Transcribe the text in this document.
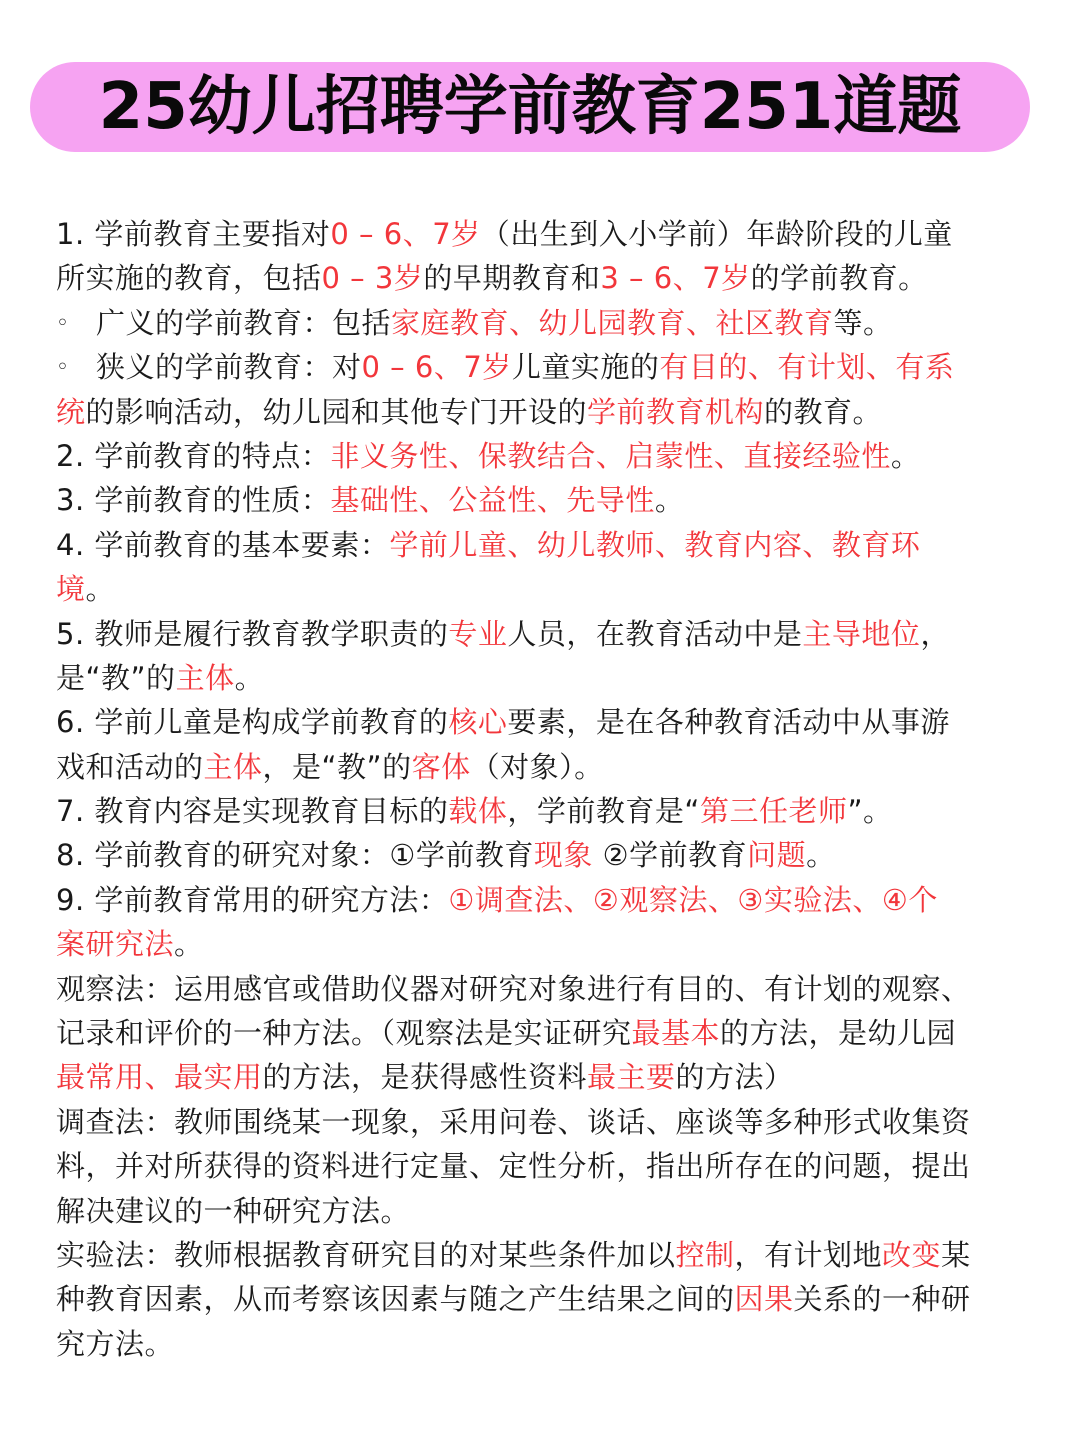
25幼儿招聘学前教育251道题
1. 学前教育主要指对0 – 6、7岁（出生到入小学前）年龄阶段的儿童
所实施的教育，包括0 – 3岁的早期教育和3 – 6、7岁的学前教育。
◦ 广义的学前教育：包括家庭教育、幼儿园教育、社区教育等。
◦ 狭义的学前教育：对0 – 6、7岁儿童实施的有目的、有计划、有系
统的影响活动，幼儿园和其他专门开设的学前教育机构的教育。
2. 学前教育的特点：非义务性、保教结合、启蒙性、直接经验性。
3. 学前教育的性质：基础性、公益性、先导性。
4. 学前教育的基本要素：学前儿童、幼儿教师、教育内容、教育环
境。
5. 教师是履行教育教学职责的专业人员，在教育活动中是主导地位，
是“教”的主体。
6. 学前儿童是构成学前教育的核心要素，是在各种教育活动中从事游
戏和活动的主体，是“教”的客体（对象）。
7. 教育内容是实现教育目标的载体，学前教育是“第三任老师”。
8. 学前教育的研究对象：①学前教育现象 ②学前教育问题。
9. 学前教育常用的研究方法：①调查法、②观察法、③实验法、④个
案研究法。
观察法：运用感官或借助仪器对研究对象进行有目的、有计划的观察、
记录和评价的一种方法。（观察法是实证研究最基本的方法，是幼儿园
最常用、最实用的方法，是获得感性资料最主要的方法）
调查法：教师围绕某一现象，采用问卷、谈话、座谈等多种形式收集资
料，并对所获得的资料进行定量、定性分析，指出所存在的问题，提出
解决建议的一种研究方法。
实验法：教师根据教育研究目的对某些条件加以控制，有计划地改变某
种教育因素，从而考察该因素与随之产生结果之间的因果关系的一种研
究方法。
